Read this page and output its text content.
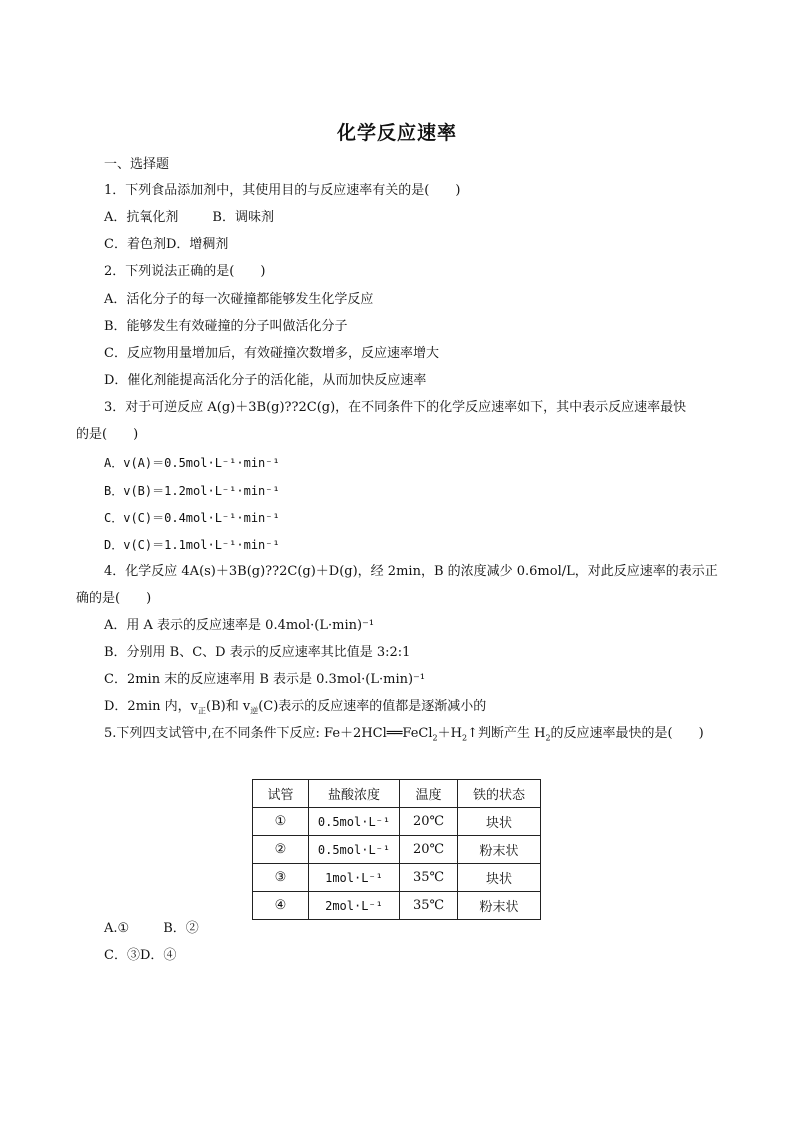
化学反应速率
一、选择题
1．下列食品添加剂中，其使用目的与反应速率有关的是(　　)
A．抗氧化剂	B．调味剂
C．着色剂D．增稠剂
2．下列说法正确的是(　　)
A．活化分子的每一次碰撞都能够发生化学反应
B．能够发生有效碰撞的分子叫做活化分子
C．反应物用量增加后，有效碰撞次数增多，反应速率增大
D．催化剂能提高活化分子的活化能，从而加快反应速率
3．对于可逆反应 A(g)＋3B(g)??2C(g)，在不同条件下的化学反应速率如下，其中表示反应速率最快
的是(　　)
A．v(A)＝0.5mol·L⁻¹·min⁻¹
B．v(B)＝1.2mol·L⁻¹·min⁻¹
C．v(C)＝0.4mol·L⁻¹·min⁻¹
D．v(C)＝1.1mol·L⁻¹·min⁻¹
4．化学反应 4A(s)＋3B(g)??2C(g)＋D(g)，经 2min，B 的浓度减少 0.6mol/L，对此反应速率的表示正
确的是(　　)
A．用 A 表示的反应速率是 0.4mol·(L·min)⁻¹
B．分别用 B、C、D 表示的反应速率其比值是 3:2:1
C．2min 末的反应速率用 B 表示是 0.3mol·(L·min)⁻¹
D．2min 内，$v_正(B)$和 $v_逆(C)$表示的反应速率的值都是逐渐减小的
5.下列四支试管中,在不同条件下反应: $Fe+2HCl══FeCl_2+H_2↑$判断产生 $H_2$的反应速率最快的是(　　)
试管	盐酸浓度	温度	铁的状态
①	0.5mol·L⁻¹	20℃	块状
②	0.5mol·L⁻¹	20℃	粉末状
③	1mol·L⁻¹	35℃	块状
④	2mol·L⁻¹	35℃	粉末状
A.①	B．②
C．③D．④
